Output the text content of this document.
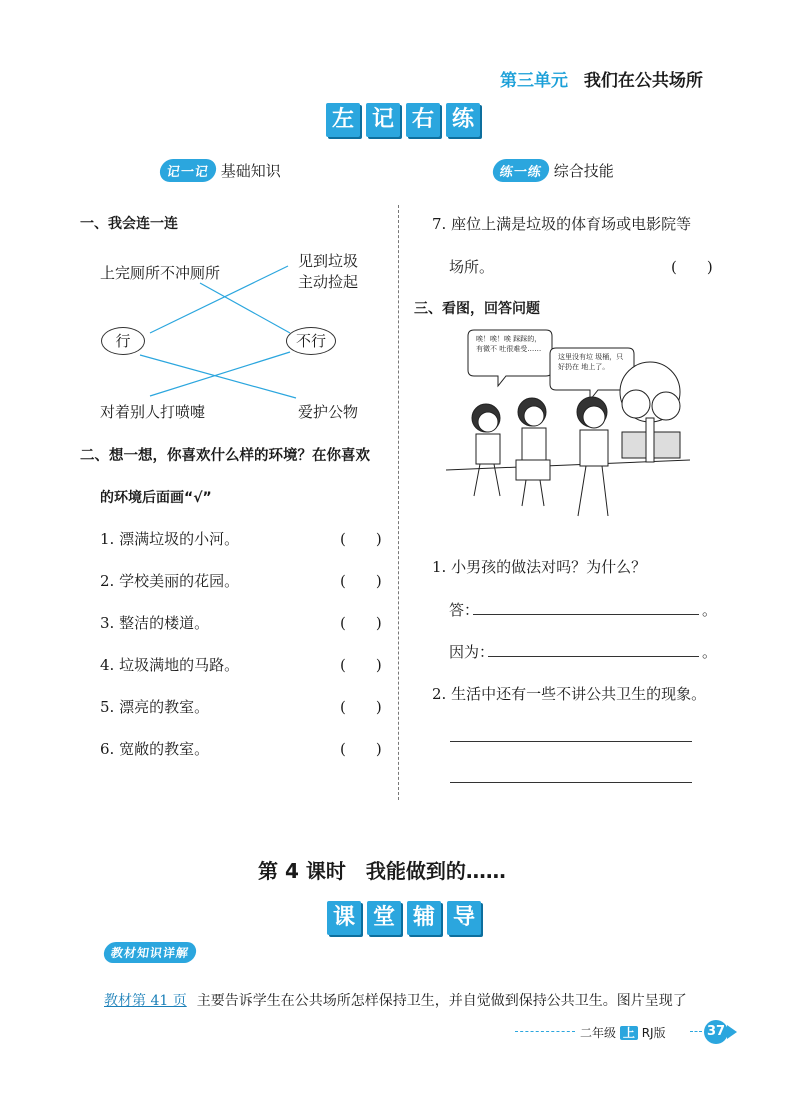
第三单元 我们在公共场所
左 记 右 练
记一记 基础知识	练一练 综合技能
一、我会连一连
上完厕所不冲厕所
见到垃圾
主动捡起
行	不行
对着别人打喷嚏	爱护公物
二、想一想，你喜欢什么样的环境？在你喜欢
的环境后面画“√”
1. 漂满垃圾的小河。	(　　)
2. 学校美丽的花园。	(　　)
3. 整洁的楼道。	(　　)
4. 垃圾满地的马路。	(　　)
5. 漂亮的教室。	(　　)
6. 宽敞的教室。	(　　)
7. 座位上满是垃圾的体育场或电影院等
场所。	(　　)
三、看图，回答问题
唉！唉！唉 踩踩的，有微不 吐很难受……
这里没有垃 圾桶，只好扔在 地上了。
1. 小男孩的做法对吗？为什么？
答：	。
因为：	。
2. 生活中还有一些不讲公共卫生的现象。
第 4 课时　我能做到的……
课 堂 辅 导
教材知识详解
教材第 41 页 主要告诉学生在公共场所怎样保持卫生，并自觉做到保持公共卫生。图片呈现了
二年级 上 RJ版	37
